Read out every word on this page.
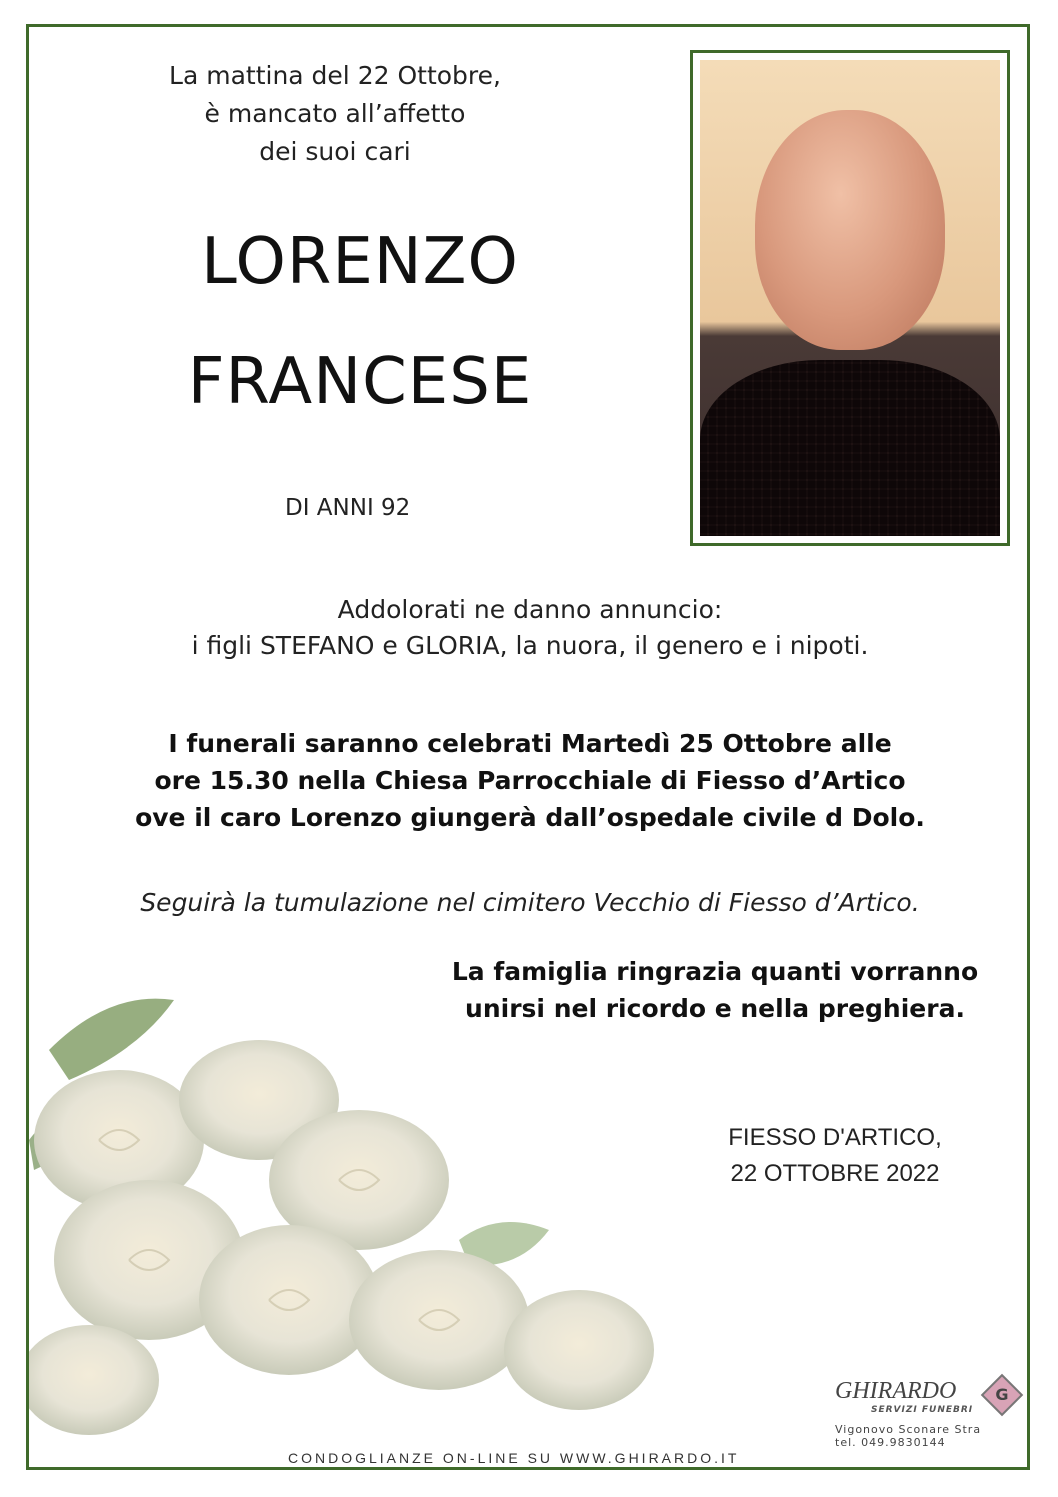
La mattina del 22 Ottobre,
è mancato all’affetto
dei suoi cari
LORENZO
FRANCESE
DI ANNI 92
Addolorati ne danno annuncio:
i figli STEFANO e GLORIA, la nuora, il genero e i nipoti.
I funerali saranno celebrati Martedì 25 Ottobre alle
ore 15.30 nella Chiesa Parrocchiale di Fiesso d’Artico
ove il caro Lorenzo giungerà dall’ospedale civile d Dolo.
Seguirà la tumulazione nel cimitero Vecchio di Fiesso d’Artico.
La famiglia ringrazia quanti vorranno
unirsi nel ricordo e nella preghiera.
FIESSO D'ARTICO,
22 OTTOBRE 2022
CONDOGLIANZE ON-LINE SU WWW.GHIRARDO.IT
GHIRARDO
SERVIZI FUNEBRI
G
Vigonovo Sconare Stra
tel. 049.9830144
